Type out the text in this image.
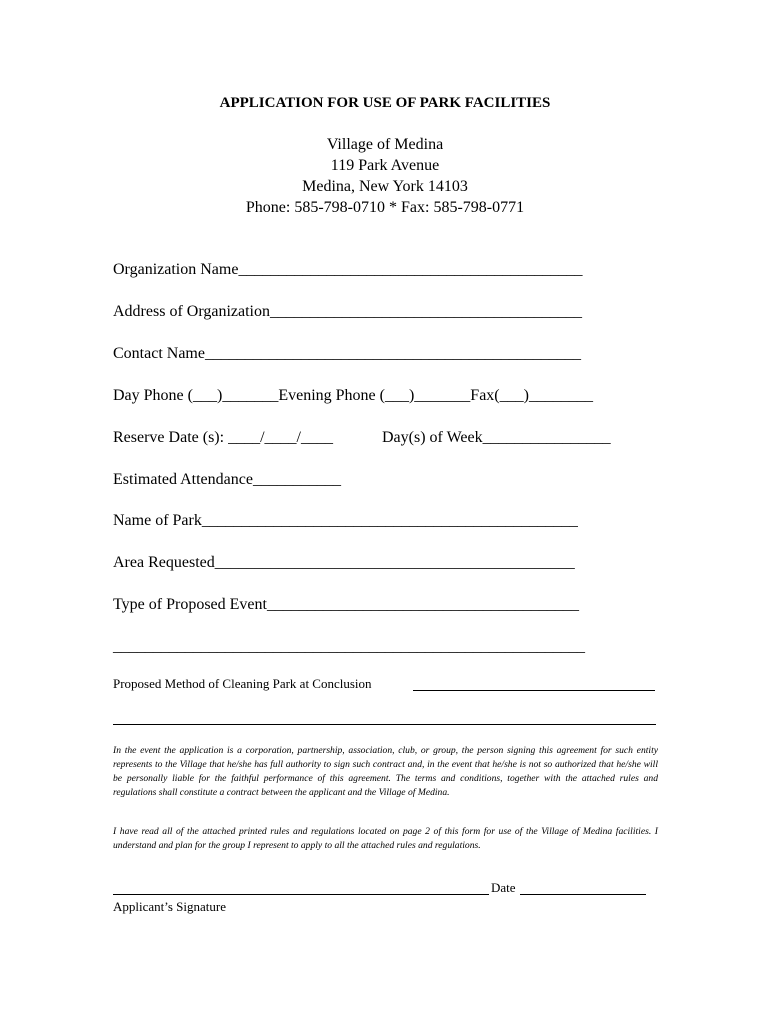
APPLICATION FOR USE OF PARK FACILITIES
Village of Medina
119 Park Avenue
Medina, New York 14103
Phone: 585-798-0710 * Fax: 585-798-0771
Organization Name___________________________________________
Address of Organization_______________________________________
Contact Name_______________________________________________
Day Phone (___)_______Evening Phone (___)_______Fax(___)________
Reserve Date (s): ____/____/____	Day(s) of Week________________
Estimated Attendance___________
Name of Park_______________________________________________
Area Requested_____________________________________________
Type of Proposed Event_______________________________________
___________________________________________________________
Proposed Method of Cleaning Park at Conclusion
In the event the application is a corporation, partnership, association, club, or group, the person signing this agreement for such entity represents to the Village that he/she has full authority to sign such contract and, in the event that he/she is not so authorized that he/she will be personally liable for the faithful performance of this agreement. The terms and conditions, together with the attached rules and regulations shall constitute a contract between the applicant and the Village of Medina.
I have read all of the attached printed rules and regulations located on page 2 of this form for use of the Village of Medina facilities. I understand and plan for the group I represent to apply to all the attached rules and regulations.
Date
Applicant’s Signature
